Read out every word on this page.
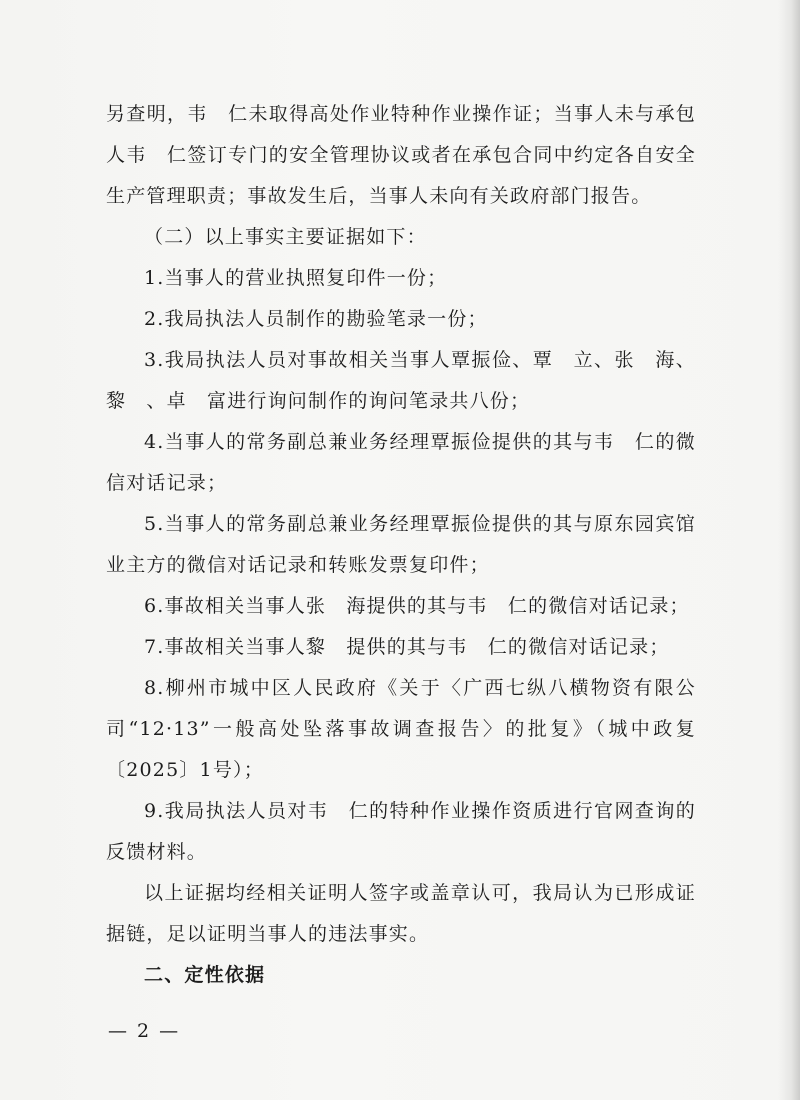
另查明，韦　仁未取得高处作业特种作业操作证；当事人未与承包人韦　仁签订专门的安全管理协议或者在承包合同中约定各自安全生产管理职责；事故发生后，当事人未向有关政府部门报告。

（二）以上事实主要证据如下：

1.当事人的营业执照复印件一份；

2.我局执法人员制作的勘验笔录一份；

3.我局执法人员对事故相关当事人覃振俭、覃　立、张　海、黎　、卓　富进行询问制作的询问笔录共八份；

4.当事人的常务副总兼业务经理覃振俭提供的其与韦　仁的微信对话记录；

5.当事人的常务副总兼业务经理覃振俭提供的其与原东园宾馆业主方的微信对话记录和转账发票复印件；

6.事故相关当事人张　海提供的其与韦　仁的微信对话记录；

7.事故相关当事人黎　提供的其与韦　仁的微信对话记录；

8.柳州市城中区人民政府《关于〈广西七纵八横物资有限公司“12·13”一般高处坠落事故调查报告〉的批复》（城中政复〔2025〕1号）；

9.我局执法人员对韦　仁的特种作业操作资质进行官网查询的反馈材料。

以上证据均经相关证明人签字或盖章认可，我局认为已形成证据链，足以证明当事人的违法事实。

二、定性依据

— 2 —
